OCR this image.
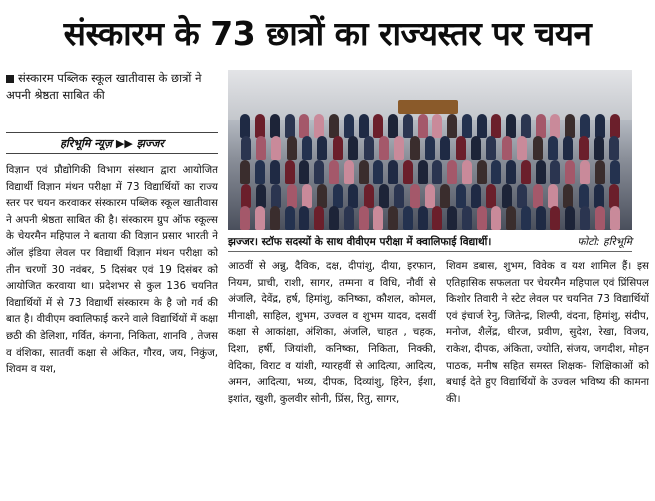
संस्कारम के 73 छात्रों का राज्यस्तर पर चयन
संस्कारम पब्लिक स्कूल खातीवास के छात्रों ने अपनी श्रेष्ठता साबित की
हरिभूमि न्यूज़ ▶▶ झज्जर
विज्ञान एवं प्रौद्योगिकी विभाग संस्थान द्वारा आयोजित विद्यार्थी विज्ञान मंथन परीक्षा में 73 विद्यार्थियों का राज्य स्तर पर चयन करवाकर संस्कारम पब्लिक स्कूल खातीवास ने अपनी श्रेष्ठता साबित की है। संस्कारम ग्रुप ऑफ स्कूल्स के चेयरमैन महिपाल ने बताया की विज्ञान प्रसार भारती ने ऑल इंडिया लेवल पर विद्यार्थी विज्ञान मंथन परीक्षा को तीन चरणों 30 नवंबर, 5 दिसंबर एवं 19 दिसंबर को आयोजित करवाया था। प्रदेशभर से कुल 136 चयनित विद्यार्थियों में से 73 विद्यार्थी संस्कारम के है जो गर्व की बात है। वीवीएम क्वालिफाई करने वाले विद्यार्थियों में कक्षा छठी की डेलिशा, गर्वित, कंगना, निकिता, शानवि , तेजस व वंशिका, सातवीं कक्षा से अंकित, गौरव, जय, निकुंज, शिवम व यश,
झज्जर। स्टॉफ सदस्यों के साथ वीवीएम परीक्षा में क्वालिफाई विद्यार्थी।	फोटो: हरिभूमि
आठवीं से अन्नु, दैविक, दक्ष, दीपांशु, दीया, इरफान, नियम, प्राची, राशी, सागर, तम्मना व विधि, नौवीं से अंजलि, देवेंद्र, हर्ष, हिमांशु, कनिष्का, कौशल, कोमल, मीनाक्षी, साहिल, शुभम, उज्वल व शुभम यादव, दसवीं कक्षा से आकांक्षा, अंशिका, अंजलि, चाहत , चहक, दिशा, हर्षी, जियांशी, कनिष्का, निकिता, निक्की, वेदिका, विराट व यांशी, ग्यारहवीं से आदित्या, आदित्य, अमन, आदित्या, भव्य, दीपक, दिव्यांशु, हिरेन, ईशा, इशांत, खुशी, कुलवीर सोनी, प्रिंस, रितु, सागर,
शिवम डबास, शुभम, विवेक व यश शामिल हैं। इस एतिहासिक सफलता पर चेयरमैन महिपाल एवं प्रिंसिपल किशोर तिवारी ने स्टेट लेवल पर चयनित 73 विद्यार्थियों एवं इंचार्ज रेनु, जितेन्द्र, शिल्पी, वंदना, हिमांशु, संदीप, मनोज, शैलेंद्र, धीरज, प्रवीण, सुदेश, रेखा, विजय, राकेश, दीपक, अंकिता, ज्योति, संजय, जगदीश, मोहन पाठक, मनीष सहित समस्त शिक्षक- शिक्षिकाओं को बधाई देते हुए विद्यार्थियों के उज्वल भविष्य की कामना की।
